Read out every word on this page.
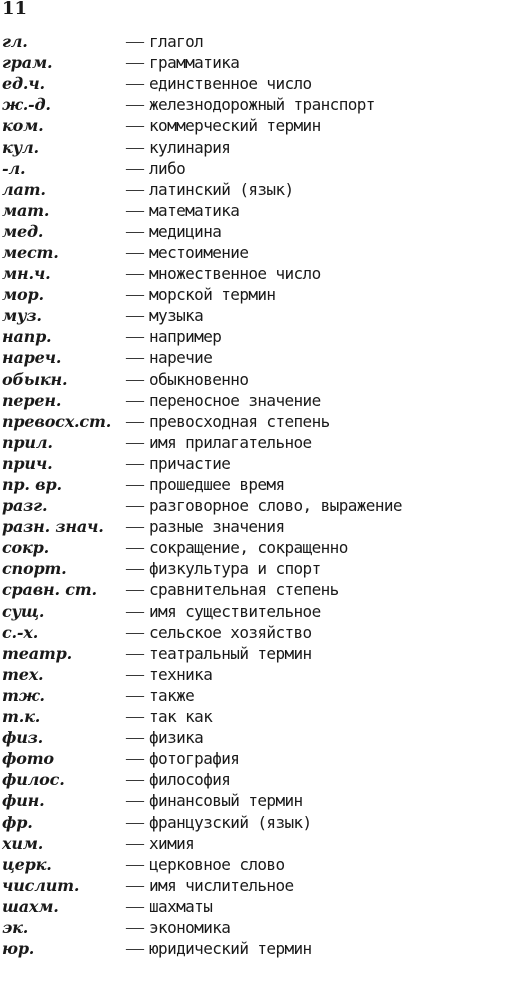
11
гл.	— глагол
грам.	— грамматика
ед.ч.	— единственное число
ж.-д.	— железнодорожный транспорт
ком.	— коммерческий термин
кул.	— кулинария
-л.	— либо
лат.	— латинский (язык)
мат.	— математика
мед.	— медицина
мест.	— местоимение
мн.ч.	— множественное число
мор.	— морской термин
муз.	— музыка
напр.	— например
нареч.	— наречие
обыкн.	— обыкновенно
перен.	— переносное значение
превосх.ст. — превосходная степень
прил.	— имя прилагательное
прич.	— причастие
пр. вр.	— прошедшее время
разг.	— разговорное слово, выражение
разн. знач.	— разные значения
сокр.	— сокращение, сокращенно
спорт.	— физкультура и спорт
сравн. ст.	— сравнительная степень
сущ.	— имя существительное
с.-х.	— сельское хозяйство
театр.	— театральный термин
тех.	— техника
тж.	— также
т.к.	— так как
физ.	— физика
фото	— фотография
филос.	— философия
фин.	— финансовый термин
фр.	— французский (язык)
хим.	— химия
церк.	— церковное слово
числит.	— имя числительное
шахм.	— шахматы
эк.	— экономика
юр.	— юридический термин
